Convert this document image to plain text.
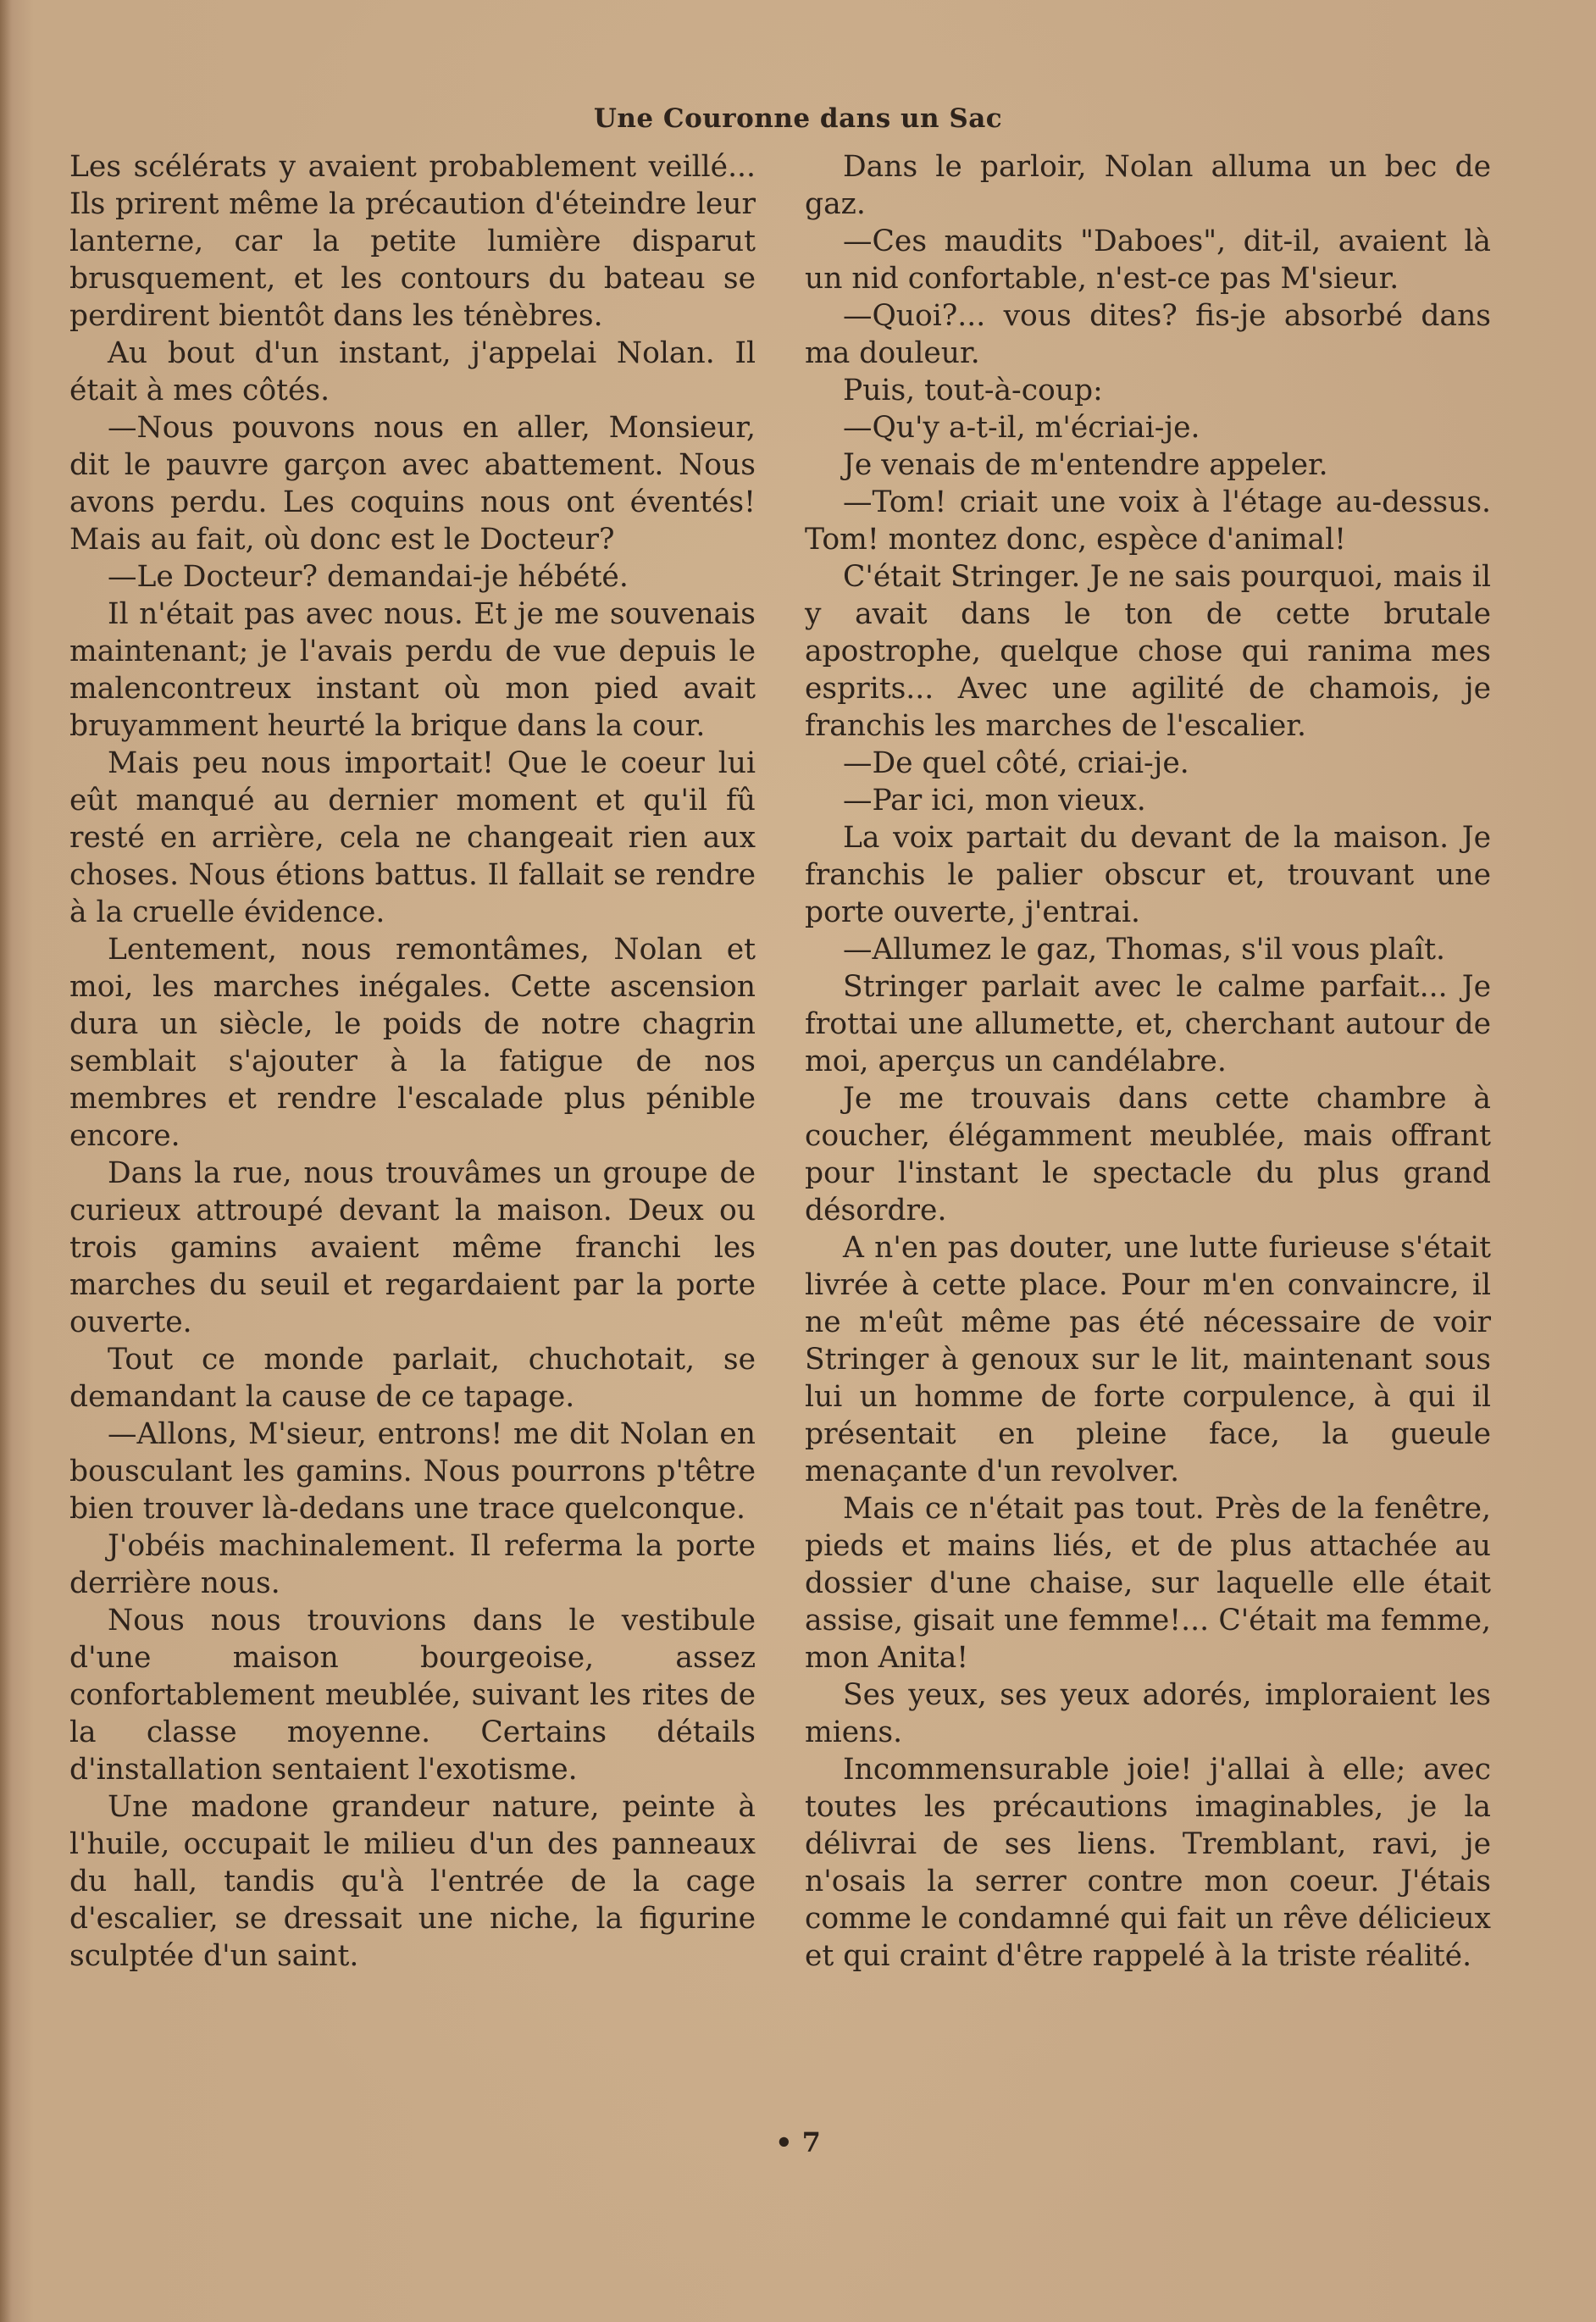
Une Couronne dans un Sac

Les scélérats y avaient probablement veillé... Ils prirent même la précaution d'éteindre leur lanterne, car la petite lumière disparut brusquement, et les contours du bateau se perdirent bientôt dans les ténèbres.

Au bout d'un instant, j'appelai Nolan. Il était à mes côtés.

—Nous pouvons nous en aller, Monsieur, dit le pauvre garçon avec abattement. Nous avons perdu. Les coquins nous ont éventés! Mais au fait, où donc est le Docteur?

—Le Docteur? demandai-je hébété.

Il n'était pas avec nous. Et je me souvenais maintenant; je l'avais perdu de vue depuis le malencontreux instant où mon pied avait bruyamment heurté la brique dans la cour.

Mais peu nous importait! Que le coeur lui eût manqué au dernier moment et qu'il fû resté en arrière, cela ne changeait rien aux choses. Nous étions battus. Il fallait se rendre à la cruelle évidence.

Lentement, nous remontâmes, Nolan et moi, les marches inégales. Cette ascension dura un siècle, le poids de notre chagrin semblait s'ajouter à la fatigue de nos membres et rendre l'escalade plus pénible encore.

Dans la rue, nous trouvâmes un groupe de curieux attroupé devant la maison. Deux ou trois gamins avaient même franchi les marches du seuil et regardaient par la porte ouverte.

Tout ce monde parlait, chuchotait, se demandant la cause de ce tapage.

—Allons, M'sieur, entrons! me dit Nolan en bousculant les gamins. Nous pourrons p'têtre bien trouver là-dedans une trace quelconque.

J'obéis machinalement. Il referma la porte derrière nous.

Nous nous trouvions dans le vestibule d'une maison bourgeoise, assez confortablement meublée, suivant les rites de la classe moyenne. Certains détails d'installation sentaient l'exotisme.

Une madone grandeur nature, peinte à l'huile, occupait le milieu d'un des panneaux du hall, tandis qu'à l'entrée de la cage d'escalier, se dressait une niche, la figurine sculptée d'un saint.

Dans le parloir, Nolan alluma un bec de gaz.

—Ces maudits "Daboes", dit-il, avaient là un nid confortable, n'est-ce pas M'sieur.

—Quoi?... vous dites? fis-je absorbé dans ma douleur.

Puis, tout-à-coup:

—Qu'y a-t-il, m'écriai-je.

Je venais de m'entendre appeler.

—Tom! criait une voix à l'étage au-dessus. Tom! montez donc, espèce d'animal!

C'était Stringer. Je ne sais pourquoi, mais il y avait dans le ton de cette brutale apostrophe, quelque chose qui ranima mes esprits... Avec une agilité de chamois, je franchis les marches de l'escalier.

—De quel côté, criai-je.

—Par ici, mon vieux.

La voix partait du devant de la maison. Je franchis le palier obscur et, trouvant une porte ouverte, j'entrai.

—Allumez le gaz, Thomas, s'il vous plaît.

Stringer parlait avec le calme parfait... Je frottai une allumette, et, cherchant autour de moi, aperçus un candélabre.

Je me trouvais dans cette chambre à coucher, élégamment meublée, mais offrant pour l'instant le spectacle du plus grand désordre.

A n'en pas douter, une lutte furieuse s'était livrée à cette place. Pour m'en convaincre, il ne m'eût même pas été nécessaire de voir Stringer à genoux sur le lit, maintenant sous lui un homme de forte corpulence, à qui il présentait en pleine face, la gueule menaçante d'un revolver.

Mais ce n'était pas tout. Près de la fenêtre, pieds et mains liés, et de plus attachée au dossier d'une chaise, sur laquelle elle était assise, gisait une femme!... C'était ma femme, mon Anita!

Ses yeux, ses yeux adorés, imploraient les miens.

Incommensurable joie! j'allai à elle; avec toutes les précautions imaginables, je la délivrai de ses liens. Tremblant, ravi, je n'osais la serrer contre mon coeur. J'étais comme le condamné qui fait un rêve délicieux et qui craint d'être rappelé à la triste réalité.

• 7
